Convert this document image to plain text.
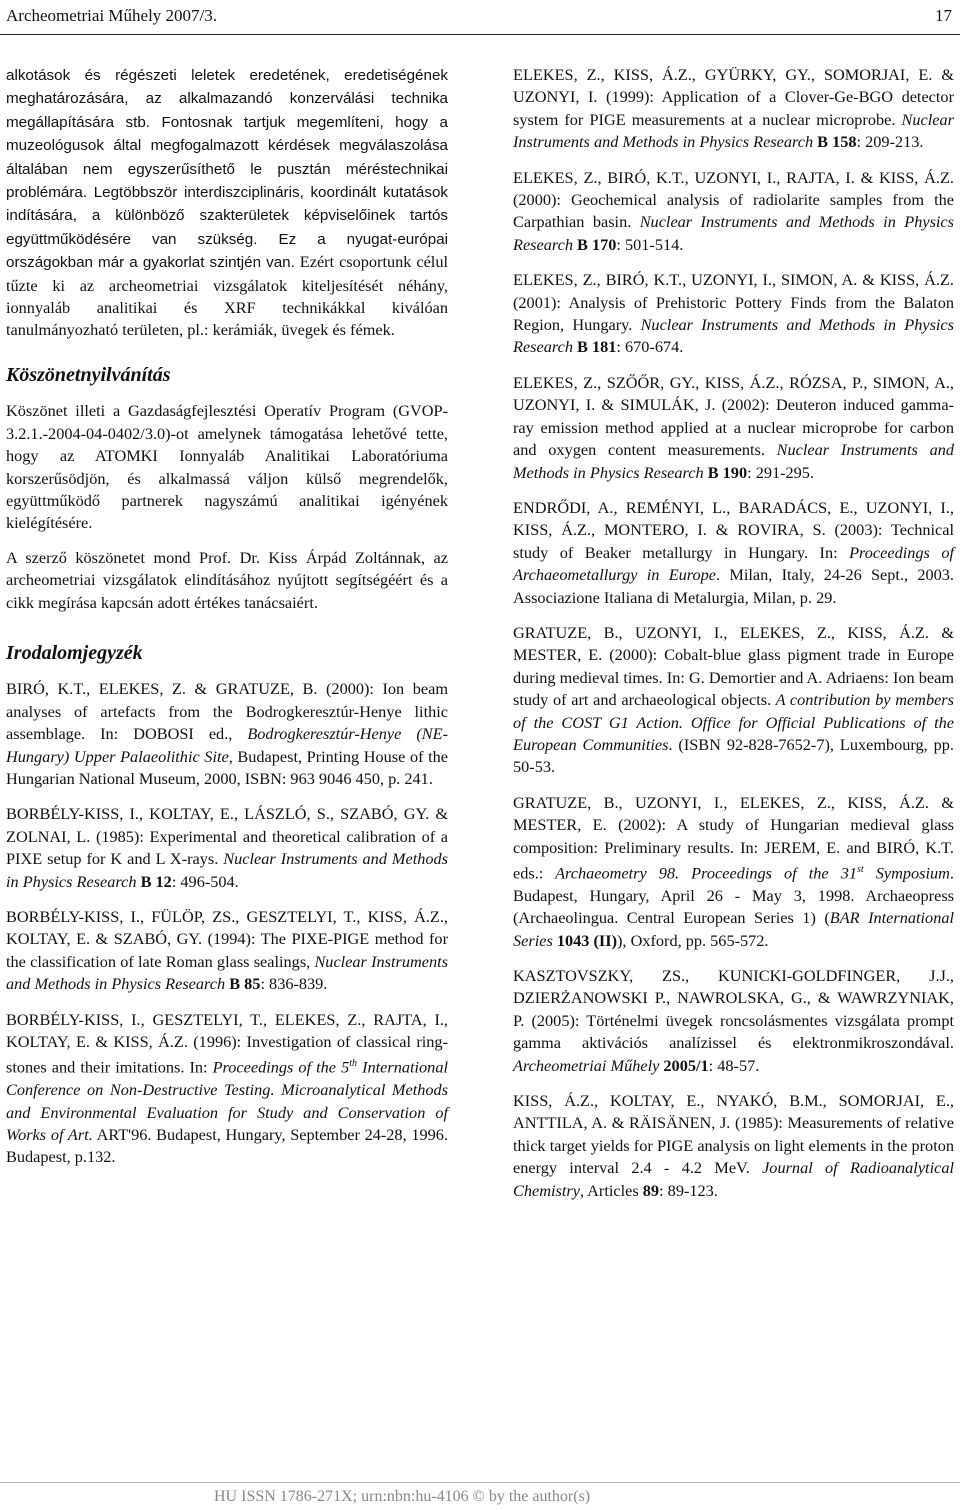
Archeometriai Műhely 2007/3.	17

alkotások és régészeti leletek eredetének, eredetiségének meghatározására, az alkalmazandó konzerválási technika megállapítására stb. Fontosnak tartjuk megemlíteni, hogy a muzeológusok által megfogalmazott kérdések megválaszolása általában nem egyszerűsíthető le pusztán méréstechnikai problémára. Legtöbbször interdiszciplináris, koordinált kutatások indítására, a különböző szakterületek képviselőinek tartós együttműködésére van szükség. Ez a nyugat-európai országokban már a gyakorlat szintjén van. Ezért csoportunk célul tűzte ki az archeometriai vizsgálatok kiteljesítését néhány, ionnyaláb analitikai és XRF technikákkal kiválóan tanulmányozható területen, pl.: kerámiák, üvegek és fémek.

Köszönetnyilvánítás

Köszönet illeti a Gazdaságfejlesztési Operatív Program (GVOP-3.2.1.-2004-04-0402/3.0)-ot amelynek támogatása lehetővé tette, hogy az ATOMKI Ionnyaláb Analitikai Laboratóriuma korszerűsödjön, és alkalmassá váljon külső megrendelők, együttműködő partnerek nagyszámú analitikai igényének kielégítésére.

A szerző köszönetet mond Prof. Dr. Kiss Árpád Zoltánnak, az archeometriai vizsgálatok elindításához nyújtott segítségéért és a cikk megírása kapcsán adott értékes tanácsaiért.

Irodalomjegyzék

BIRÓ, K.T., ELEKES, Z. & GRATUZE, B. (2000): Ion beam analyses of artefacts from the Bodrogkeresztúr-Henye lithic assemblage. In: DOBOSI ed., Bodrogkeresztúr-Henye (NE-Hungary) Upper Palaeolithic Site, Budapest, Printing House of the Hungarian National Museum, 2000, ISBN: 963 9046 450, p. 241.

BORBÉLY-KISS, I., KOLTAY, E., LÁSZLÓ, S., SZABÓ, GY. & ZOLNAI, L. (1985): Experimental and theoretical calibration of a PIXE setup for K and L X-rays. Nuclear Instruments and Methods in Physics Research B 12: 496-504.

BORBÉLY-KISS, I., FÜLÖP, ZS., GESZTELYI, T., KISS, Á.Z., KOLTAY, E. & SZABÓ, GY. (1994): The PIXE-PIGE method for the classification of late Roman glass sealings, Nuclear Instruments and Methods in Physics Research B 85: 836-839.

BORBÉLY-KISS, I., GESZTELYI, T., ELEKES, Z., RAJTA, I., KOLTAY, E. & KISS, Á.Z. (1996): Investigation of classical ring-stones and their imitations. In: Proceedings of the 5th International Conference on Non-Destructive Testing. Microanalytical Methods and Environmental Evaluation for Study and Conservation of Works of Art. ART'96. Budapest, Hungary, September 24-28, 1996. Budapest, p.132.

ELEKES, Z., KISS, Á.Z., GYÜRKY, GY., SOMORJAI, E. & UZONYI, I. (1999): Application of a Clover-Ge-BGO detector system for PIGE measurements at a nuclear microprobe. Nuclear Instruments and Methods in Physics Research B 158: 209-213.

ELEKES, Z., BIRÓ, K.T., UZONYI, I., RAJTA, I. & KISS, Á.Z. (2000): Geochemical analysis of radiolarite samples from the Carpathian basin. Nuclear Instruments and Methods in Physics Research B 170: 501-514.

ELEKES, Z., BIRÓ, K.T., UZONYI, I., SIMON, A. & KISS, Á.Z. (2001): Analysis of Prehistoric Pottery Finds from the Balaton Region, Hungary. Nuclear Instruments and Methods in Physics Research B 181: 670-674.

ELEKES, Z., SZŐŐR, GY., KISS, Á.Z., RÓZSA, P., SIMON, A., UZONYI, I. & SIMULÁK, J. (2002): Deuteron induced gamma-ray emission method applied at a nuclear microprobe for carbon and oxygen content measurements. Nuclear Instruments and Methods in Physics Research B 190: 291-295.

ENDRŐDI, A., REMÉNYI, L., BARADÁCS, E., UZONYI, I., KISS, Á.Z., MONTERO, I. & ROVIRA, S. (2003): Technical study of Beaker metallurgy in Hungary. In: Proceedings of Archaeometallurgy in Europe. Milan, Italy, 24-26 Sept., 2003. Associazione Italiana di Metalurgia, Milan, p. 29.

GRATUZE, B., UZONYI, I., ELEKES, Z., KISS, Á.Z. & MESTER, E. (2000): Cobalt-blue glass pigment trade in Europe during medieval times. In: G. Demortier and A. Adriaens: Ion beam study of art and archaeological objects. A contribution by members of the COST G1 Action. Office for Official Publications of the European Communities. (ISBN 92-828-7652-7), Luxembourg, pp. 50-53.

GRATUZE, B., UZONYI, I., ELEKES, Z., KISS, Á.Z. & MESTER, E. (2002): A study of Hungarian medieval glass composition: Preliminary results. In: JEREM, E. and BIRÓ, K.T. eds.: Archaeometry 98. Proceedings of the 31st Symposium. Budapest, Hungary, April 26 - May 3, 1998. Archaeopress (Archaeolingua. Central European Series 1) (BAR International Series 1043 (II)), Oxford, pp. 565-572.

KASZTOVSZKY, ZS., KUNICKI-GOLDFINGER, J.J., DZIERŻANOWSKI P., NAWROLSKA, G., & WAWRZYNIAK, P. (2005): Történelmi üvegek roncsolásmentes vizsgálata prompt gamma aktivációs analízissel és elektronmikroszondával. Archeometriai Műhely 2005/1: 48-57.

KISS, Á.Z., KOLTAY, E., NYAKÓ, B.M., SOMORJAI, E., ANTTILA, A. & RÄISÄNEN, J. (1985): Measurements of relative thick target yields for PIGE analysis on light elements in the proton energy interval 2.4 - 4.2 MeV. Journal of Radioanalytical Chemistry, Articles 89: 89-123.

HU ISSN 1786-271X; urn:nbn:hu-4106 © by the author(s)
